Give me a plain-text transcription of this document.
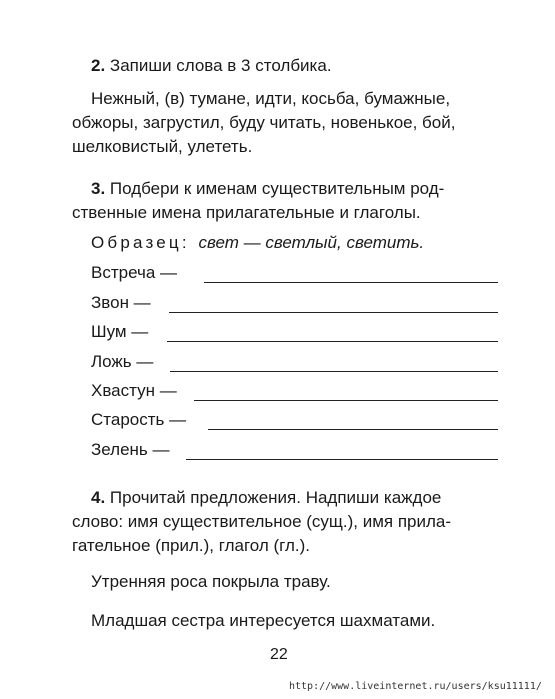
2. Запиши слова в 3 столбика.
Нежный, (в) тумане, идти, косьба, бумажные,
обжоры, загрустил, буду читать, новенькое, бой,
шелковистый, улететь.
3. Подбери к именам существительным род-
ственные имена прилагательные и глаголы.
Образец: свет — светлый, светить.
Встреча —
Звон —
Шум —
Ложь —
Хвастун —
Старость —
Зелень —
4. Прочитай предложения. Надпиши каждое
слово: имя существительное (сущ.), имя прила-
гательное (прил.), глагол (гл.).
Утренняя роса покрыла траву.
Младшая сестра интересуется шахматами.
22
http://www.liveinternet.ru/users/ksu11111/
